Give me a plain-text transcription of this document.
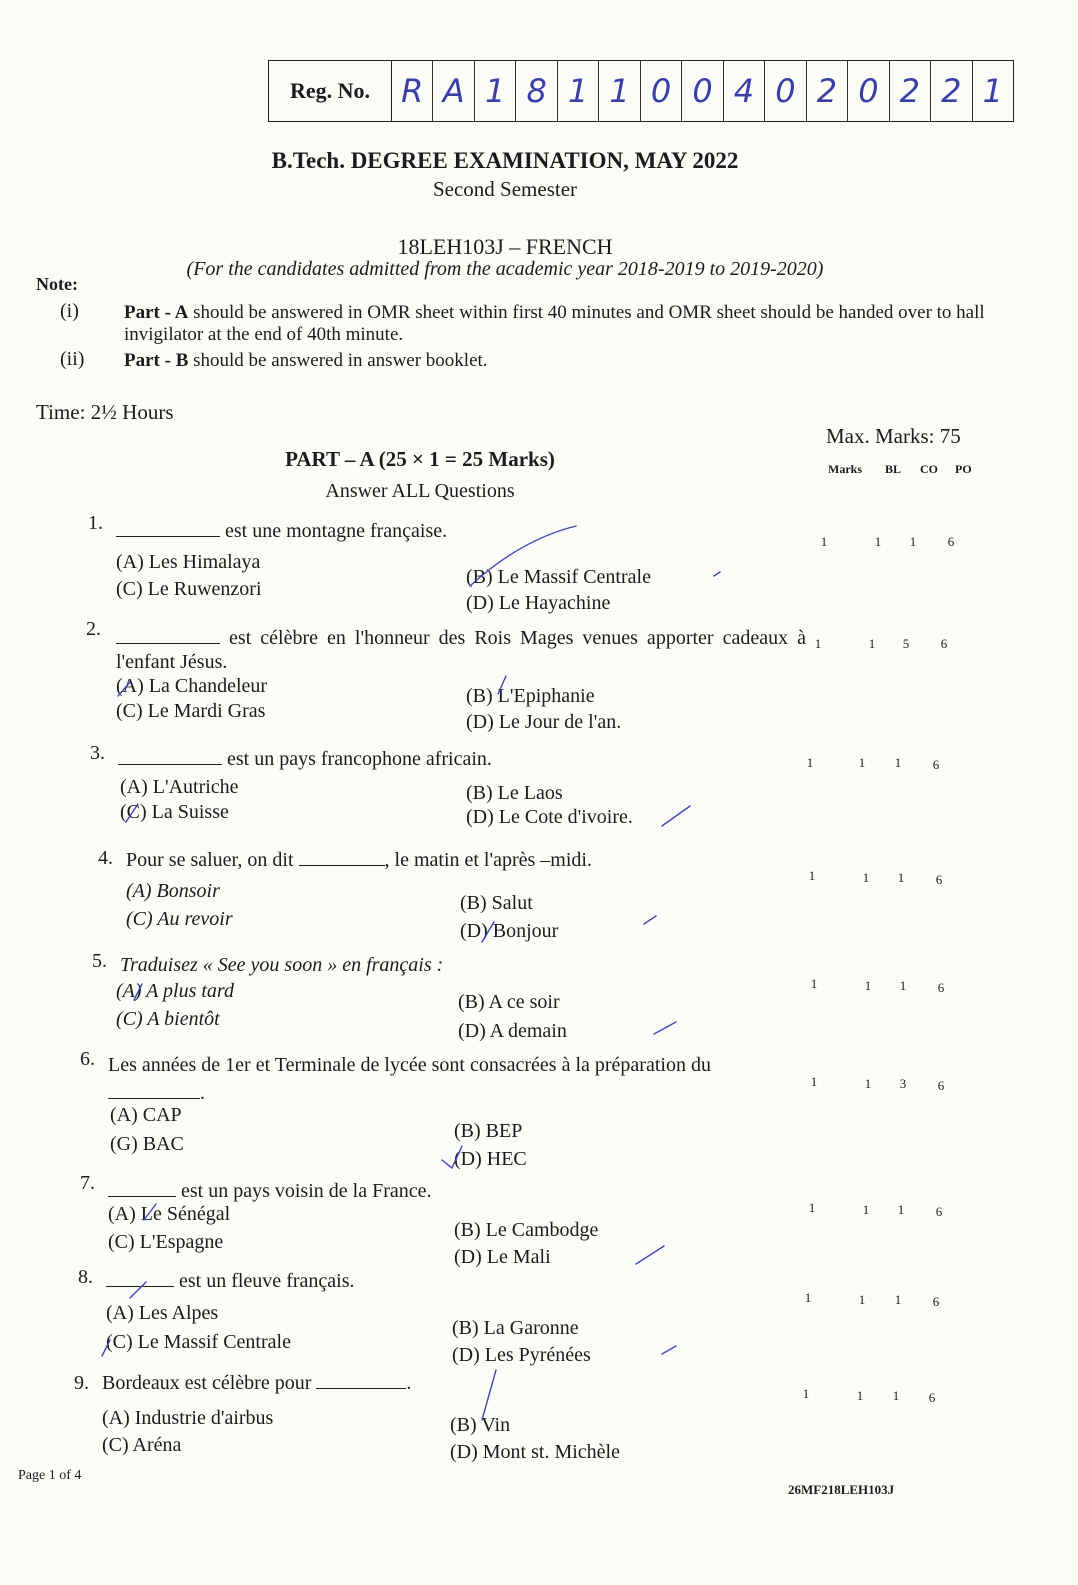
Reg. No. R A 1 8 1 1 0 0 4 0 2 0 2 2 1
B.Tech. DEGREE EXAMINATION, MAY 2022
Second Semester
18LEH103J – FRENCH
(For the candidates admitted from the academic year 2018-2019 to 2019-2020)
Note:
(i) Part - A should be answered in OMR sheet within first 40 minutes and OMR sheet should be handed over to hall invigilator at the end of 40th minute.
(ii) Part - B should be answered in answer booklet.
Time: 2½ Hours
Max. Marks: 75
Marks BL CO PO
PART – A (25 × 1 = 25 Marks)
Answer ALL Questions
1.	est une montagne française.
(A) Les Himalaya
(B) Le Massif Centrale
(C) Le Ruwenzori
(D) Le Hayachine
1	1	1	6
2.	est célèbre en l'honneur des Rois Mages venues apporter cadeaux à l'enfant Jésus.
(A) La Chandeleur	(B) L'Epiphanie
(C) Le Mardi Gras	(D) Le Jour de l'an.
1	1	5	6
3.	est un pays francophone africain.
(A) L'Autriche	(B) Le Laos
(C) La Suisse	(D) Le Cote d'ivoire.
1	1	1	6
4. Pour se saluer, on dit	, le matin et l'après –midi.
(A) Bonsoir
(B) Salut
(C) Au revoir
(D) Bonjour
1	1	1	6
5. Traduisez « See you soon » en français :
(A) A plus tard	(B) A ce soir
(C) A bientôt
(D) A demain
1	1	1	6
6. Les années de 1er et Terminale de lycée sont consacrées à la préparation du
.
(A) CAP
(B) BEP
(G) BAC
(D) HEC
1	1	3	6
7.	est un pays voisin de la France.
(A) Le Sénégal
(B) Le Cambodge
(C) L'Espagne
(D) Le Mali
1	1	1	6
8.	est un fleuve français.
(A) Les Alpes
(B) La Garonne
(C) Le Massif Centrale
(D) Les Pyrénées
1	1	1	6
9. Bordeaux est célèbre pour	.
(A) Industrie d'airbus	(B) Vin
(C) Aréna	(D) Mont st. Michèle
1	1	1	6
Page 1 of 4
26MF218LEH103J
